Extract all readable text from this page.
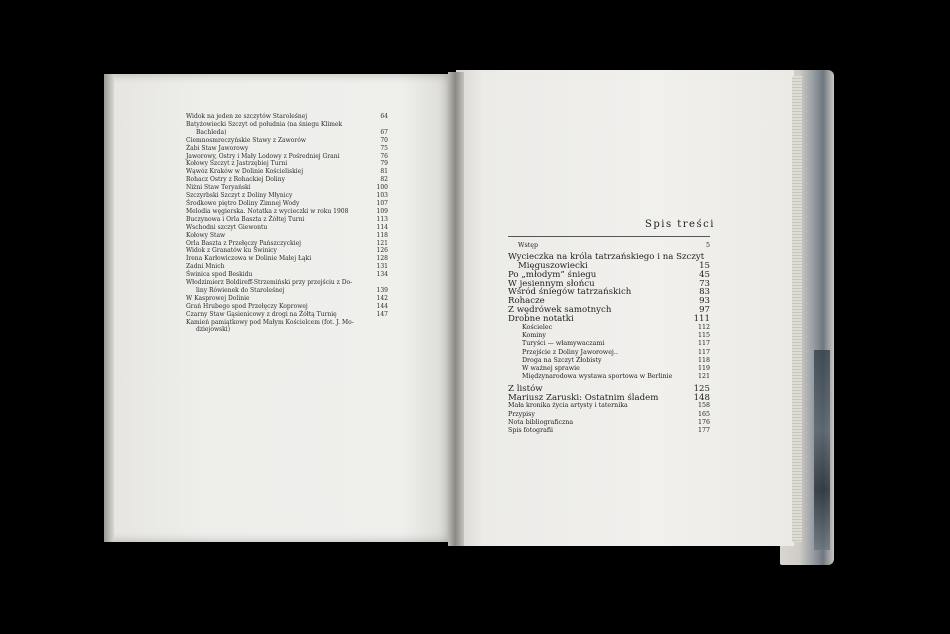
64
Widok na jeden ze szczytów Staroleśnej
Batyżowiecki Szczyt od południa (na śniegu Klimek
67
Bachleda)
70
Ciemnosmreczyńskie Stawy z Zaworów
75
Żabi Staw Jaworowy
76
Jaworowy, Ostry i Mały Lodowy z Pośredniej Grani
79
Kołowy Szczyt z Jastrzębiej Turni
81
Wąwóz Kraków w Dolinie Kościeliskiej
82
Rohacz Ostry z Rohackiej Doliny
100
Niżni Staw Teryański
103
Szczyrbski Szczyt z Doliny Młynicy
107
Środkowe piętro Doliny Zimnej Wody
109
Melodia węgierska. Notatka z wycieczki w roku 1908
113
Buczynowa i Orla Baszta z Żółtej Turni
114
Wschodni szczyt Giewontu
118
Kołowy Staw
121
Orla Baszta z Przełęczy Pańszczyckiej
126
Widok z Granatów ku Świnicy
128
Irena Karłowiczowa w Dolinie Małej Łąki
131
Zadni Mnich
134
Świnica spod Beskidu
Włodzimierz Boldireff-Strzemiński przy przejściu z Do-
139
liny Rówienek do Staroleśnej
142
W Kasprowej Dolinie
144
Grań Hrubego spod Przełęczy Koprowej
147
Czarny Staw Gąsienicowy z drogi na Żółtą Turnię
Kamień pamiątkowy pod Małym Kościelcem (fot. J. Mo-
dziejowski)
Spis treści
5
Wstęp
Wycieczka na króla tatrzańskiego i na Szczyt
15
Mięguszowiecki
45
Po „młodym” śniegu
73
W jesiennym słońcu
83
Wśród śniegów tatrzańskich
93
Rohacze
97
Z wędrówek samotnych
111
Drobne notatki
112
Kościelec
115
Kominy
117
Turyści — włamywaczami
117
Przejście z Doliny Jaworowej..
118
Droga na Szczyt Żłobisty
119
W ważnej sprawie
121
Międzynarodowa wystawa sportowa w Berlinie
125
Z listów
148
Mariusz Zaruski: Ostatnim śladem
158
Mała kronika życia artysty i taternika
165
Przypisy
176
Nota bibliograficzna
177
Spis fotografii
